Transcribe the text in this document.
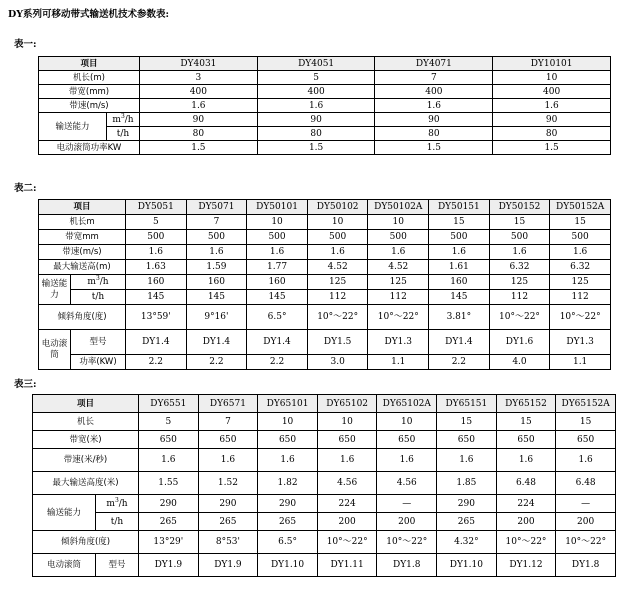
DY系列可移动带式输送机技术参数表:
表一:
项目		DY4031	DY4051	DY4071	DY10101
机长(m)		3	5	7	10
带宽(mm)		400	400	400	400
带速(m/s)		1.6	1.6	1.6	1.6
输送能力	$m^3/h$	90	90	90	90
	t/h	80	80	80	80
电动滚筒功率KW		1.5	1.5	1.5	1.5
表二:
项目		DY5051	DY5071	DY50101	DY50102	DY50102A	DY50151	DY50152	DY50152A
机长m		5	7	10	10	10	15	15	15
带宽mm		500	500	500	500	500	500	500	500
带速(m/s)		1.6	1.6	1.6	1.6	1.6	1.6	1.6	1.6
最大输送高(m)		1.63	1.59	1.77	4.52	4.52	1.61	6.32	6.32
输送能力	$m^3/h$	160	160	160	125	125	160	125	125
	t/h	145	145	145	112	112	145	112	112
倾斜角度(度)		13°59'	9°16'	6.5°	10°～22°	10°～22°	3.81°	10°～22°	10°～22°
电动滚筒	型号	DY1.4	DY1.4	DY1.4	DY1.5	DY1.3	DY1.4	DY1.6	DY1.3
	功率(KW)	2.2	2.2	2.2	3.0	1.1	2.2	4.0	1.1
表三:
项目		DY6551	DY6571	DY65101	DY65102	DY65102A	DY65151	DY65152	DY65152A
机长		5	7	10	10	10	15	15	15
带宽(米)		650	650	650	650	650	650	650	650
带速(米/秒)		1.6	1.6	1.6	1.6	1.6	1.6	1.6	1.6
最大输送高度(米)		1.55	1.52	1.82	4.56	4.56	1.85	6.48	6.48
输送能力	$m^3/h$	290	290	290	224	—	290	224	—
	t/h	265	265	265	200	200	265	200	200
倾斜角度(度)		13°29'	8°53'	6.5°	10°～22°	10°～22°	4.32°	10°～22°	10°～22°
电动滚筒	型号	DY1.9	DY1.9	DY1.10	DY1.11	DY1.8	DY1.10	DY1.12	DY1.8
